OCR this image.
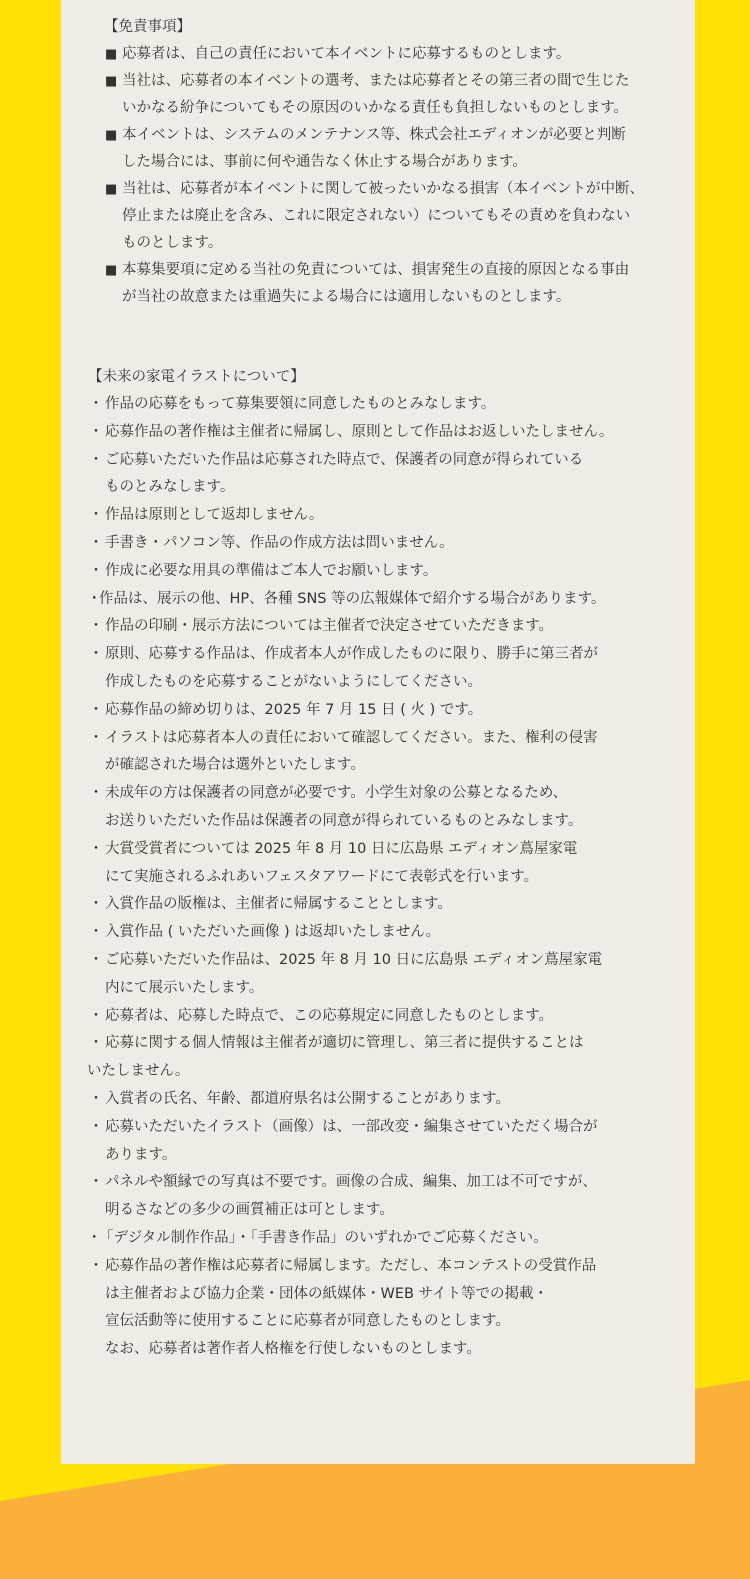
【免責事項】
■ 応募者は、自己の責任において本イベントに応募するものとします。
■ 当社は、応募者の本イベントの選考、または応募者とその第三者の間で生じた
いかなる紛争についてもその原因のいかなる責任も負担しないものとします。
■ 本イベントは、システムのメンテナンス等、株式会社エディオンが必要と判断
した場合には、事前に何や通告なく休止する場合があります。
■ 当社は、応募者が本イベントに関して被ったいかなる損害（本イベントが中断、
停止または廃止を含み、これに限定されない）についてもその責めを負わない
ものとします。
■ 本募集要項に定める当社の免責については、損害発生の直接的原因となる事由
が当社の故意または重過失による場合には適用しないものとします。
【未来の家電イラストについて】
・ 作品の応募をもって募集要領に同意したものとみなします。
・ 応募作品の著作権は主催者に帰属し、原則として作品はお返しいたしません。
・ ご応募いただいた作品は応募された時点で、保護者の同意が得られている
ものとみなします。
・ 作品は原則として返却しません。
・ 手書き・パソコン等、作品の作成方法は問いません。
・ 作成に必要な用具の準備はご本人でお願いします。
・
作品は、展示の他、HP、各種 SNS 等の広報媒体で紹介する場合があります。
・ 作品の印刷・展示方法については主催者で決定させていただきます。
・ 原則、応募する作品は、作成者本人が作成したものに限り、勝手に第三者が
作成したものを応募することがないようにしてください。
・ 応募作品の締め切りは、2025 年 7 月 15 日 ( 火 ) です。
・ イラストは応募者本人の責任において確認してください。また、権利の侵害
が確認された場合は選外といたします。
・ 未成年の方は保護者の同意が必要です。小学生対象の公募となるため、
お送りいただいた作品は保護者の同意が得られているものとみなします。
・ 大賞受賞者については 2025 年 8 月 10 日に広島県 エディオン蔦屋家電
にて実施されるふれあいフェスタアワードにて表彰式を行います。
・ 入賞作品の版権は、主催者に帰属することとします。
・ 入賞作品 ( いただいた画像 ) は返却いたしません。
・ ご応募いただいた作品は、2025 年 8 月 10 日に広島県 エディオン蔦屋家電
内にて展示いたします。
・ 応募者は、応募した時点で、この応募規定に同意したものとします。
・ 応募に関する個人情報は主催者が適切に管理し、第三者に提供することは
いたしません。
・ 入賞者の氏名、年齢、都道府県名は公開することがあります。
・ 応募いただいたイラスト（画像）は、一部改変・編集させていただく場合が
あります。
・ パネルや額縁での写真は不要です。画像の合成、編集、加工は不可ですが、
明るさなどの多少の画質補正は可とします。
・
「デジタル制作作品」・「手書き作品」のいずれかでご応募ください。
・ 応募作品の著作権は応募者に帰属します。ただし、本コンテストの受賞作品
は主催者および協力企業・団体の紙媒体・WEB サイト等での掲載・
宣伝活動等に使用することに応募者が同意したものとします。
なお、応募者は著作者人格権を行使しないものとします。
